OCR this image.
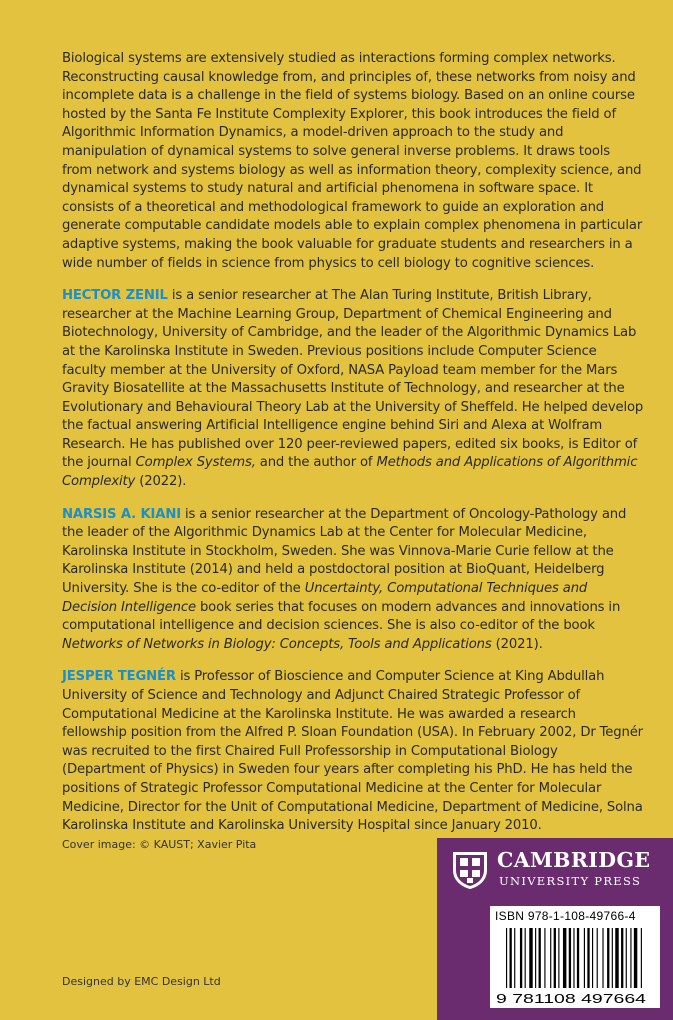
Biological systems are extensively studied as interactions forming complex networks. Reconstructing causal knowledge from, and principles of, these networks from noisy and incomplete data is a challenge in the field of systems biology. Based on an online course hosted by the Santa Fe Institute Complexity Explorer, this book introduces the field of Algorithmic Information Dynamics, a model-driven approach to the study and manipulation of dynamical systems to solve general inverse problems. It draws tools from network and systems biology as well as information theory, complexity science, and dynamical systems to study natural and artificial phenomena in software space. It consists of a theoretical and methodological framework to guide an exploration and generate computable candidate models able to explain complex phenomena in particular adaptive systems, making the book valuable for graduate students and researchers in a wide number of fields in science from physics to cell biology to cognitive sciences.

HECTOR ZENIL is a senior researcher at The Alan Turing Institute, British Library, researcher at the Machine Learning Group, Department of Chemical Engineering and Biotechnology, University of Cambridge, and the leader of the Algorithmic Dynamics Lab at the Karolinska Institute in Sweden. Previous positions include Computer Science faculty member at the University of Oxford, NASA Payload team member for the Mars Gravity Biosatellite at the Massachusetts Institute of Technology, and researcher at the Evolutionary and Behavioural Theory Lab at the University of Sheffeld. He helped develop the factual answering Artificial Intelligence engine behind Siri and Alexa at Wolfram Research. He has published over 120 peer-reviewed papers, edited six books, is Editor of the journal Complex Systems, and the author of Methods and Applications of Algorithmic Complexity (2022).

NARSIS A. KIANI is a senior researcher at the Department of Oncology-Pathology and the leader of the Algorithmic Dynamics Lab at the Center for Molecular Medicine, Karolinska Institute in Stockholm, Sweden. She was Vinnova-Marie Curie fellow at the Karolinska Institute (2014) and held a postdoctoral position at BioQuant, Heidelberg University. She is the co-editor of the Uncertainty, Computational Techniques and Decision Intelligence book series that focuses on modern advances and innovations in computational intelligence and decision sciences. She is also co-editor of the book Networks of Networks in Biology: Concepts, Tools and Applications (2021).

JESPER TEGNÉR is Professor of Bioscience and Computer Science at King Abdullah University of Science and Technology and Adjunct Chaired Strategic Professor of Computational Medicine at the Karolinska Institute. He was awarded a research fellowship position from the Alfred P. Sloan Foundation (USA). In February 2002, Dr Tegnér was recruited to the first Chaired Full Professorship in Computational Biology (Department of Physics) in Sweden four years after completing his PhD. He has held the positions of Strategic Professor Computational Medicine at the Center for Molecular Medicine, Director for the Unit of Computational Medicine, Department of Medicine, Solna Karolinska Institute and Karolinska University Hospital since January 2010.

Cover image: © KAUST; Xavier Pita
Designed by EMC Design Ltd
CAMBRIDGE
UNIVERSITY PRESS
ISBN 978-1-108-49766-4
9 781108 497664
